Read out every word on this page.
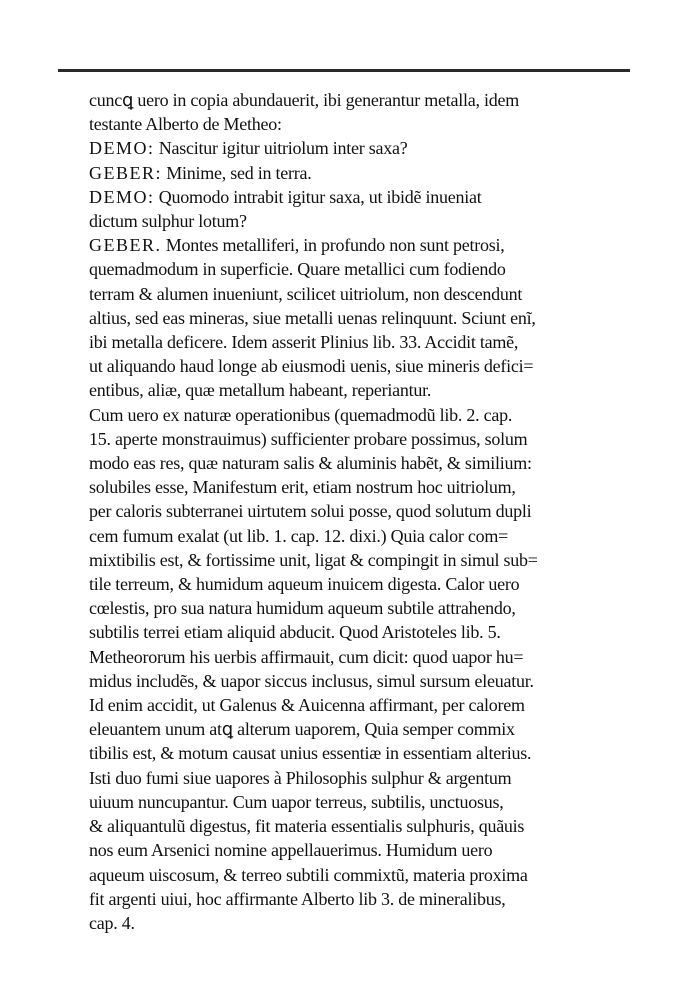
cuncꝗ uero in copia abundauerit, ibi generantur metalla, idem
testante Alberto de Metheo:
DEMO: Nascitur igitur uitriolum inter saxa?
GEBER: Minime, sed in terra.
DEMO: Quomodo intrabit igitur saxa, ut ibidẽ inueniat
dictum sulphur lotum?
GEBER. Montes metalliferi, in profundo non sunt petrosi,
quemadmodum in superficie. Quare metallici cum fodiendo
terram & alumen inueniunt, scilicet uitriolum, non descendunt
altius, sed eas mineras, siue metalli uenas relinquunt. Sciunt enĩ,
ibi metalla deficere. Idem asserit Plinius lib. 33. Accidit tamẽ,
ut aliquando haud longe ab eiusmodi uenis, siue mineris defici=
entibus, aliæ, quæ metallum habeant, reperiantur.
Cum uero ex naturæ operationibus (quemadmodũ lib. 2. cap.
15. aperte monstrauimus) sufficienter probare possimus, solum
modo eas res, quæ naturam salis & aluminis habẽt, & similium:
solubiles esse, Manifestum erit, etiam nostrum hoc uitriolum,
per caloris subterranei uirtutem solui posse, quod solutum dupli
cem fumum exalat (ut lib. 1. cap. 12. dixi.) Quia calor com=
mixtibilis est, & fortissime unit, ligat & compingit in simul sub=
tile terreum, & humidum aqueum inuicem digesta. Calor uero
cœlestis, pro sua natura humidum aqueum subtile attrahendo,
subtilis terrei etiam aliquid abducit. Quod Aristoteles lib. 5.
Metheororum his uerbis affirmauit, cum dicit: quod uapor hu=
midus includẽs, & uapor siccus inclusus, simul sursum eleuatur.
Id enim accidit, ut Galenus & Auicenna affirmant, per calorem
eleuantem unum atꝗ alterum uaporem, Quia semper commix
tibilis est, & motum causat unius essentiæ in essentiam alterius.
Isti duo fumi siue uapores à Philosophis sulphur & argentum
uiuum nuncupantur. Cum uapor terreus, subtilis, unctuosus,
& aliquantulũ digestus, fit materia essentialis sulphuris, quãuis
nos eum Arsenici nomine appellauerimus. Humidum uero
aqueum uiscosum, & terreo subtili commixtũ, materia proxima
fit argenti uiui, hoc affirmante Alberto lib 3. de mineralibus,
cap. 4.
